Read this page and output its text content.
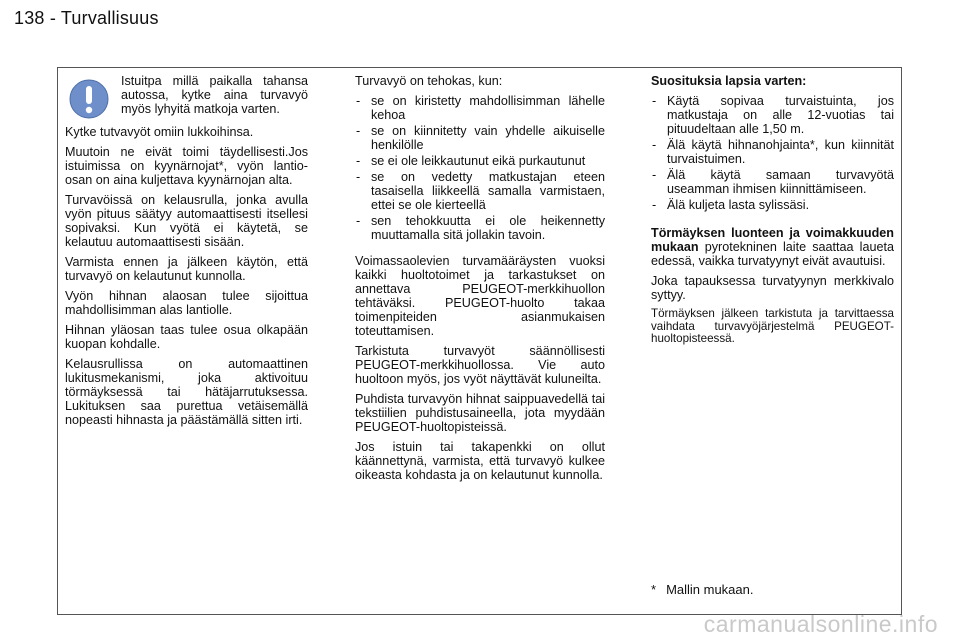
138 - Turvallisuus
Istuitpa millä paikalla tahansa autossa, kytke aina turvavyö myös lyhyitä matkoja varten.

Kytke tutvavyöt omiin lukkoihinsa.

Muutoin ne eivät toimi täydellisesti.Jos istuimissa on kyynärnojat*, vyön lantio-osan on aina kuljettava kyynärnojan alta.

Turvavöissä on kelausrulla, jonka avulla vyön pituus säätyy automaattisesti itsellesi sopivaksi. Kun vyötä ei käytetä, se kelautuu automaattisesti sisään.

Varmista ennen ja jälkeen käytön, että turvavyö on kelautunut kunnolla.

Vyön hihnan alaosan tulee sijoittua mahdollisimman alas lantiolle.

Hihnan yläosan taas tulee osua olkapään kuopan kohdalle.

Kelausrullissa on automaattinen lukitusmekanismi, joka aktivoituu törmäyksessä tai hätäjarrutuksessa. Lukituksen saa purettua vetäisemällä nopeasti hihnasta ja päästämällä sitten irti.

Turvavyö on tehokas, kun:

- se on kiristetty mahdollisimman lähelle kehoa
- se on kiinnitetty vain yhdelle aikuiselle henkilölle
- se ei ole leikkautunut eikä purkautunut
- se on vedetty matkustajan eteen tasaisella liikkeellä samalla varmistaen, ettei se ole kierteellä
- sen tehokkuutta ei ole heikennetty muuttamalla sitä jollakin tavoin.

Voimassaolevien turvamääräysten vuoksi kaikki huoltotoimet ja tarkastukset on annettava PEUGEOT-merkkihuollon tehtäväksi. PEUGEOT-huolto takaa toimenpiteiden asianmukaisen toteuttamisen.

Tarkistuta turvavyöt säännöllisesti PEUGEOT-merkkihuollossa. Vie auto huoltoon myös, jos vyöt näyttävät kuluneilta.

Puhdista turvavyön hihnat saippuavedellä tai tekstiilien puhdistusaineella, jota myydään PEUGEOT-huoltopisteissä.

Jos istuin tai takapenkki on ollut käännettynä, varmista, että turvavyö kulkee oikeasta kohdasta ja on kelautunut kunnolla.

Suosituksia lapsia varten:

- Käytä sopivaa turvaistuinta, jos matkustaja on alle 12-vuotias tai pituudeltaan alle 1,50 m.
- Älä käytä hihnanohjainta*, kun kiinnität turvaistuimen.
- Älä käytä samaan turvavyötä useamman ihmisen kiinnittämiseen.
- Älä kuljeta lasta sylissäsi.

Törmäyksen luonteen ja voimakkuuden mukaan pyrotekninen laite saattaa laueta edessä, vaikka turvatyynyt eivät avautuisi.

Joka tapauksessa turvatyynyn merkkivalo syttyy.

Törmäyksen jälkeen tarkistuta ja tarvittaessa vaihdata turvavyöjärjestelmä PEUGEOT-huoltopisteessä.

* Mallin mukaan.
carmanualsonline.info
